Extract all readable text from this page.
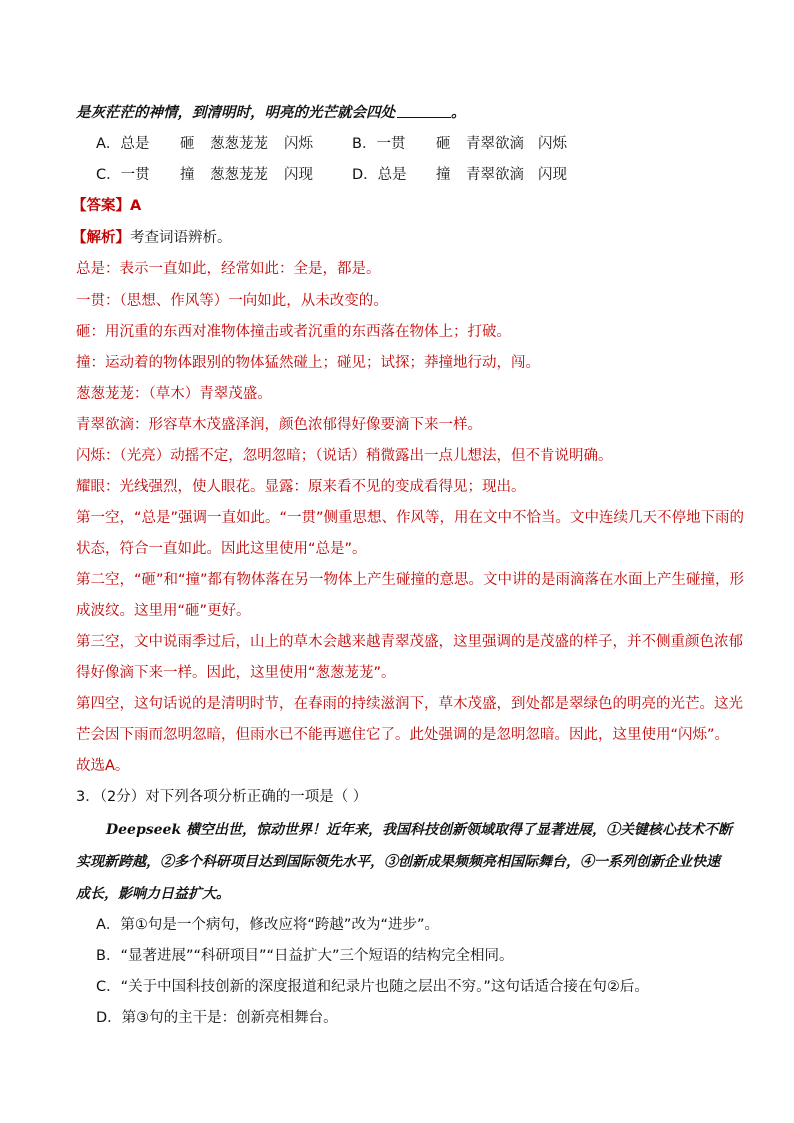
是灰茫茫的神情，到清明时，明亮的光芒就会四处	。
A．总是 砸 葱葱茏茏 闪烁	B．一贯 砸 青翠欲滴 闪烁
C．一贯 撞 葱葱茏茏 闪现	D．总是 撞 青翠欲滴 闪现
【答案】A
【解析】考查词语辨析。
总是：表示一直如此，经常如此：全是，都是。
一贯：（思想、作风等）一向如此，从未改变的。
砸：用沉重的东西对准物体撞击或者沉重的东西落在物体上；打破。
撞：运动着的物体跟别的物体猛然碰上；碰见；试探；莽撞地行动，闯。
葱葱茏茏：（草木）青翠茂盛。
青翠欲滴：形容草木茂盛泽润，颜色浓郁得好像要滴下来一样。
闪烁：（光亮）动摇不定，忽明忽暗；（说话）稍微露出一点儿想法，但不肯说明确。
耀眼：光线强烈，使人眼花。显露：原来看不见的变成看得见；现出。
第一空，“总是”强调一直如此。“一贯”侧重思想、作风等，用在文中不恰当。文中连续几天不停地下雨的
状态，符合一直如此。因此这里使用“总是”。
第二空，“砸”和“撞”都有物体落在另一物体上产生碰撞的意思。文中讲的是雨滴落在水面上产生碰撞，形
成波纹。这里用“砸”更好。
第三空，文中说雨季过后，山上的草木会越来越青翠茂盛，这里强调的是茂盛的样子，并不侧重颜色浓郁
得好像滴下来一样。因此，这里使用“葱葱茏茏”。
第四空，这句话说的是清明时节，在春雨的持续滋润下，草木茂盛，到处都是翠绿色的明亮的光芒。这光
芒会因下雨而忽明忽暗，但雨水已不能再遮住它了。此处强调的是忽明忽暗。因此，这里使用“闪烁”。
故选A。
3．（2分）对下列各项分析正确的一项是（ ）
Deepseek 横空出世，惊动世界！近年来，我国科技创新领域取得了显著进展，①关键核心技术不断
实现新跨越，②多个科研项目达到国际领先水平，③创新成果频频亮相国际舞台，④一系列创新企业快速
成长，影响力日益扩大。
A．第①句是一个病句，修改应将“跨越”改为“进步”。
B．“显著进展”“科研项目”“日益扩大”三个短语的结构完全相同。
C．“关于中国科技创新的深度报道和纪录片也随之层出不穷。”这句话适合接在句②后。
D．第③句的主干是：创新亮相舞台。
